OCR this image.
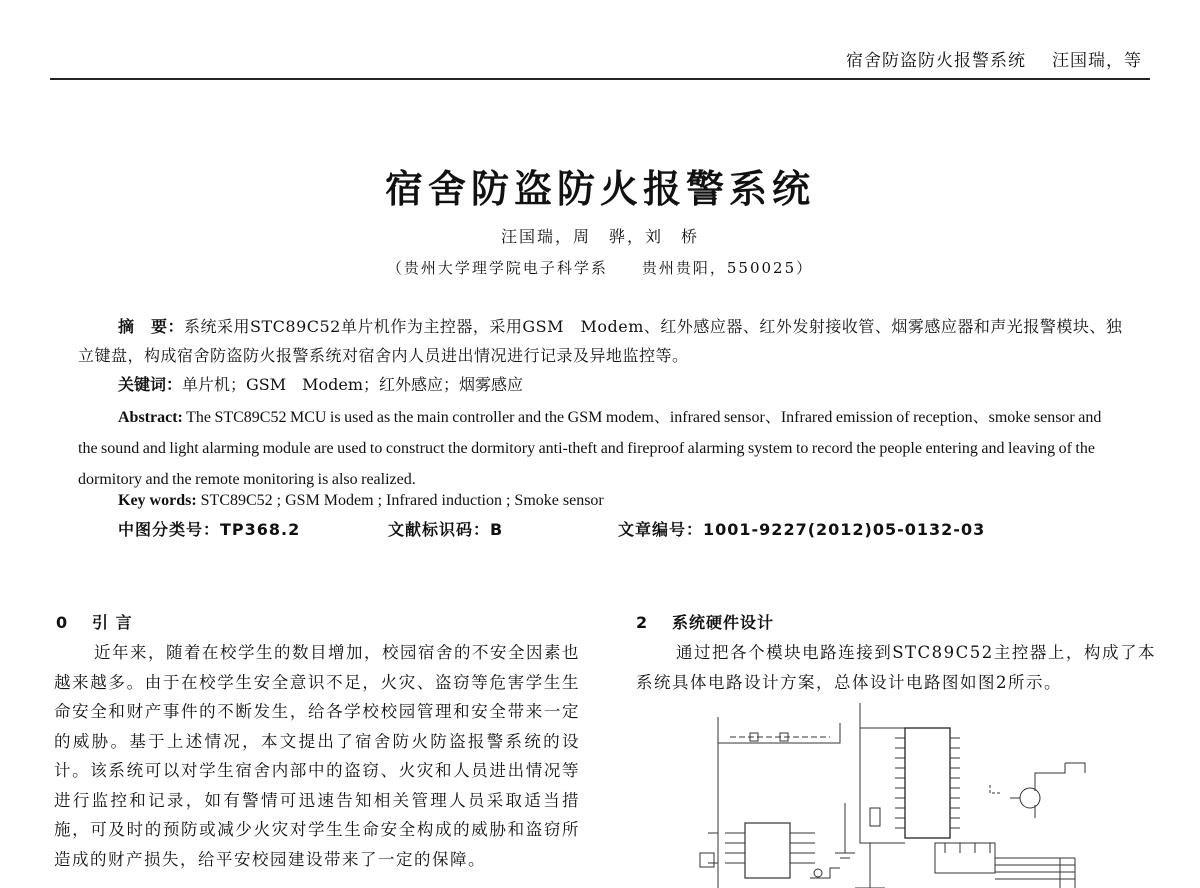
宿舍防盗防火报警系统 汪国瑞，等
宿舍防盗防火报警系统
汪国瑞，周　骅，刘　桥
（贵州大学理学院电子科学系　　贵州贵阳，550025）
摘　要：系统采用STC89C52单片机作为主控器，采用GSM　Modem、红外感应器、红外发射接收管、烟雾感应器和声光报警模块、独立键盘，构成宿舍防盗防火报警系统对宿舍内人员进出情况进行记录及异地监控等。
关键词：单片机；GSM　Modem；红外感应；烟雾感应
Abstract: The STC89C52 MCU is used as the main controller and the GSM modem、infrared sensor、Infrared emission of reception、smoke sensor and the sound and light alarming module are used to construct the dormitory anti-theft and fireproof alarming system to record the people entering and leaving of the dormitory and the remote monitoring is also realized.
Key words: STC89C52 ; GSM Modem ; Infrared induction ; Smoke sensor
中图分类号：TP368.2	文献标识码：B	文章编号：1001-9227(2012)05-0132-03
0 引 言
近年来，随着在校学生的数目增加，校园宿舍的不安全因素也越来越多。由于在校学生安全意识不足，火灾、盗窃等危害学生生命安全和财产事件的不断发生，给各学校校园管理和安全带来一定的威胁。基于上述情况，本文提出了宿舍防火防盗报警系统的设计。该系统可以对学生宿舍内部中的盗窃、火灾和人员进出情况等进行监控和记录，如有警情可迅速告知相关管理人员采取适当措施，可及时的预防或减少火灾对学生生命安全构成的威胁和盗窃所造成的财产损失，给平安校园建设带来了一定的保障。
2 系统硬件设计
通过把各个模块电路连接到STC89C52主控器上，构成了本系统具体电路设计方案，总体设计电路图如图2所示。
